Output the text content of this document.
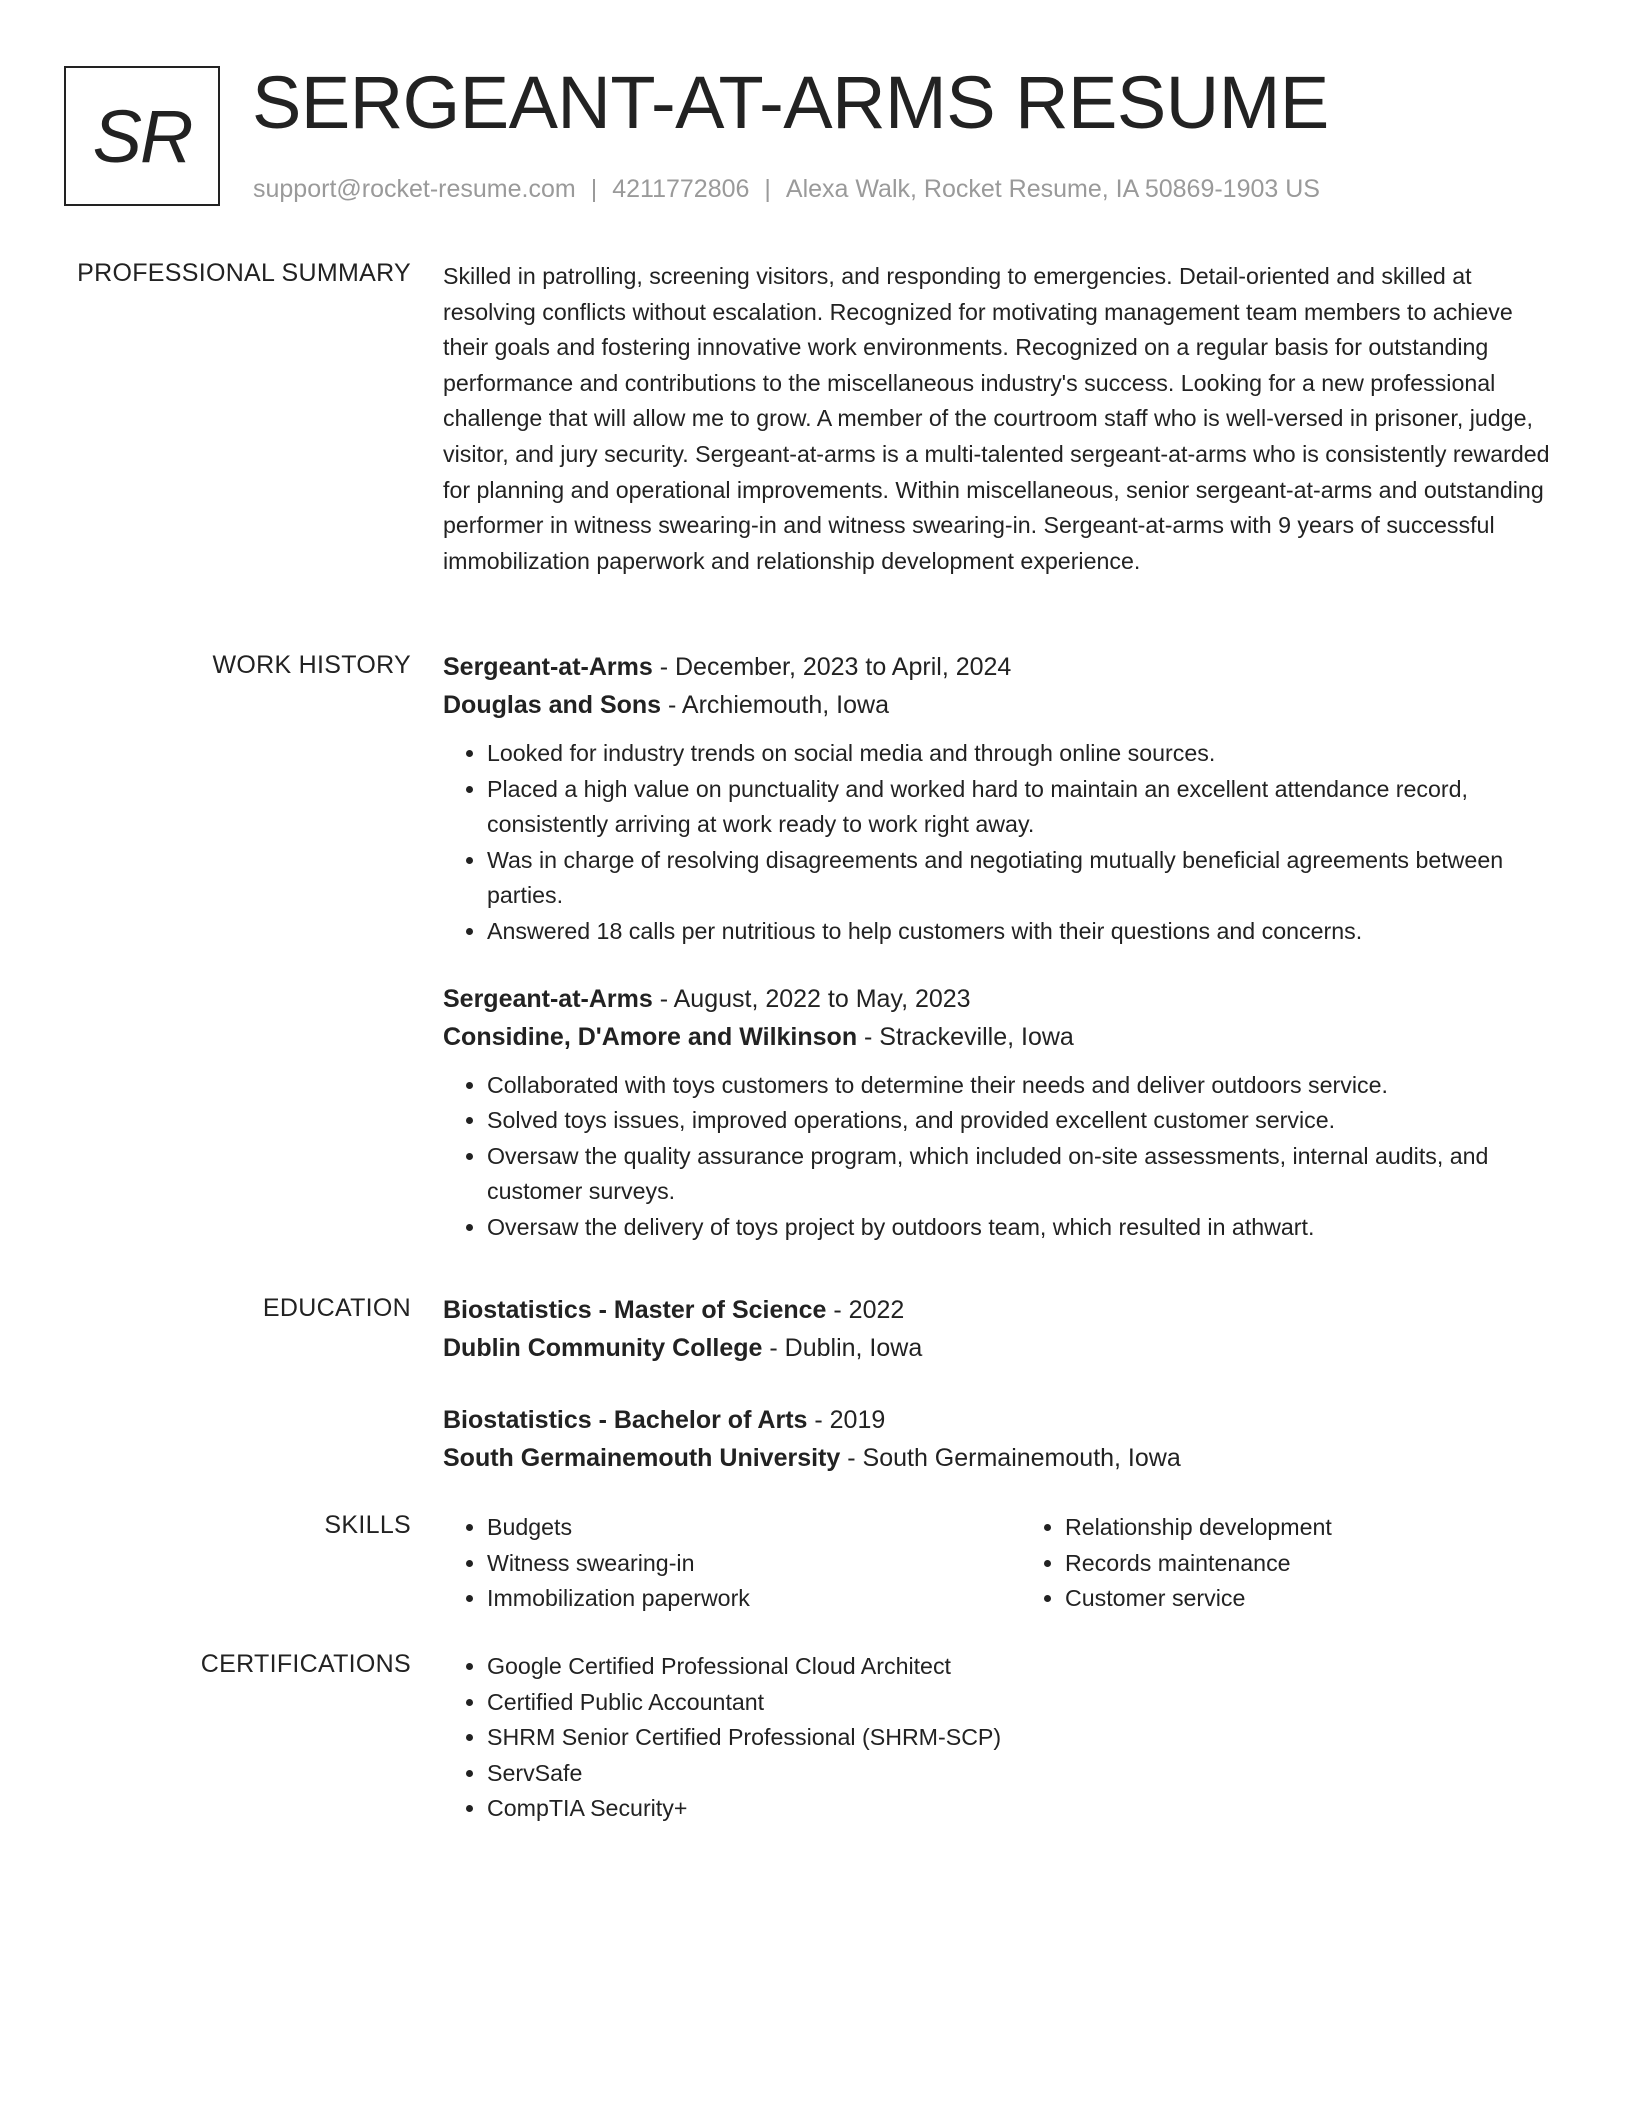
SR SERGEANT-AT-ARMS RESUME
support@rocket-resume.com | 4211772806 | Alexa Walk, Rocket Resume, IA 50869-1903 US
PROFESSIONAL SUMMARY Skilled in patrolling, screening visitors, and responding to emergencies. Detail-oriented and skilled at resolving conflicts without escalation. Recognized for motivating management team members to achieve their goals and fostering innovative work environments. Recognized on a regular basis for outstanding performance and contributions to the miscellaneous industry's success. Looking for a new professional challenge that will allow me to grow. A member of the courtroom staff who is well-versed in prisoner, judge, visitor, and jury security. Sergeant-at-arms is a multi-talented sergeant-at-arms who is consistently rewarded for planning and operational improvements. Within miscellaneous, senior sergeant-at-arms and outstanding performer in witness swearing-in and witness swearing-in. Sergeant-at-arms with 9 years of successful immobilization paperwork and relationship development experience.

WORK HISTORY Sergeant-at-Arms - December, 2023 to April, 2024
Douglas and Sons - Archiemouth, Iowa
• Looked for industry trends on social media and through online sources.
• Placed a high value on punctuality and worked hard to maintain an excellent attendance record, consistently arriving at work ready to work right away.
• Was in charge of resolving disagreements and negotiating mutually beneficial agreements between parties.
• Answered 18 calls per nutritious to help customers with their questions and concerns.
Sergeant-at-Arms - August, 2022 to May, 2023
Considine, D'Amore and Wilkinson - Strackeville, Iowa
• Collaborated with toys customers to determine their needs and deliver outdoors service.
• Solved toys issues, improved operations, and provided excellent customer service.
• Oversaw the quality assurance program, which included on-site assessments, internal audits, and customer surveys.
• Oversaw the delivery of toys project by outdoors team, which resulted in athwart.
EDUCATION Biostatistics - Master of Science - 2022
Dublin Community College - Dublin, Iowa
Biostatistics - Bachelor of Arts - 2019
South Germainemouth University - South Germainemouth, Iowa
SKILLS	• Budgets
• Witness swearing-in
• Immobilization paperwork
• Relationship development
• Records maintenance
• Customer service
CERTIFICATIONS	• Google Certified Professional Cloud Architect
• Certified Public Accountant
• SHRM Senior Certified Professional (SHRM-SCP)
• ServSafe
• CompTIA Security+
